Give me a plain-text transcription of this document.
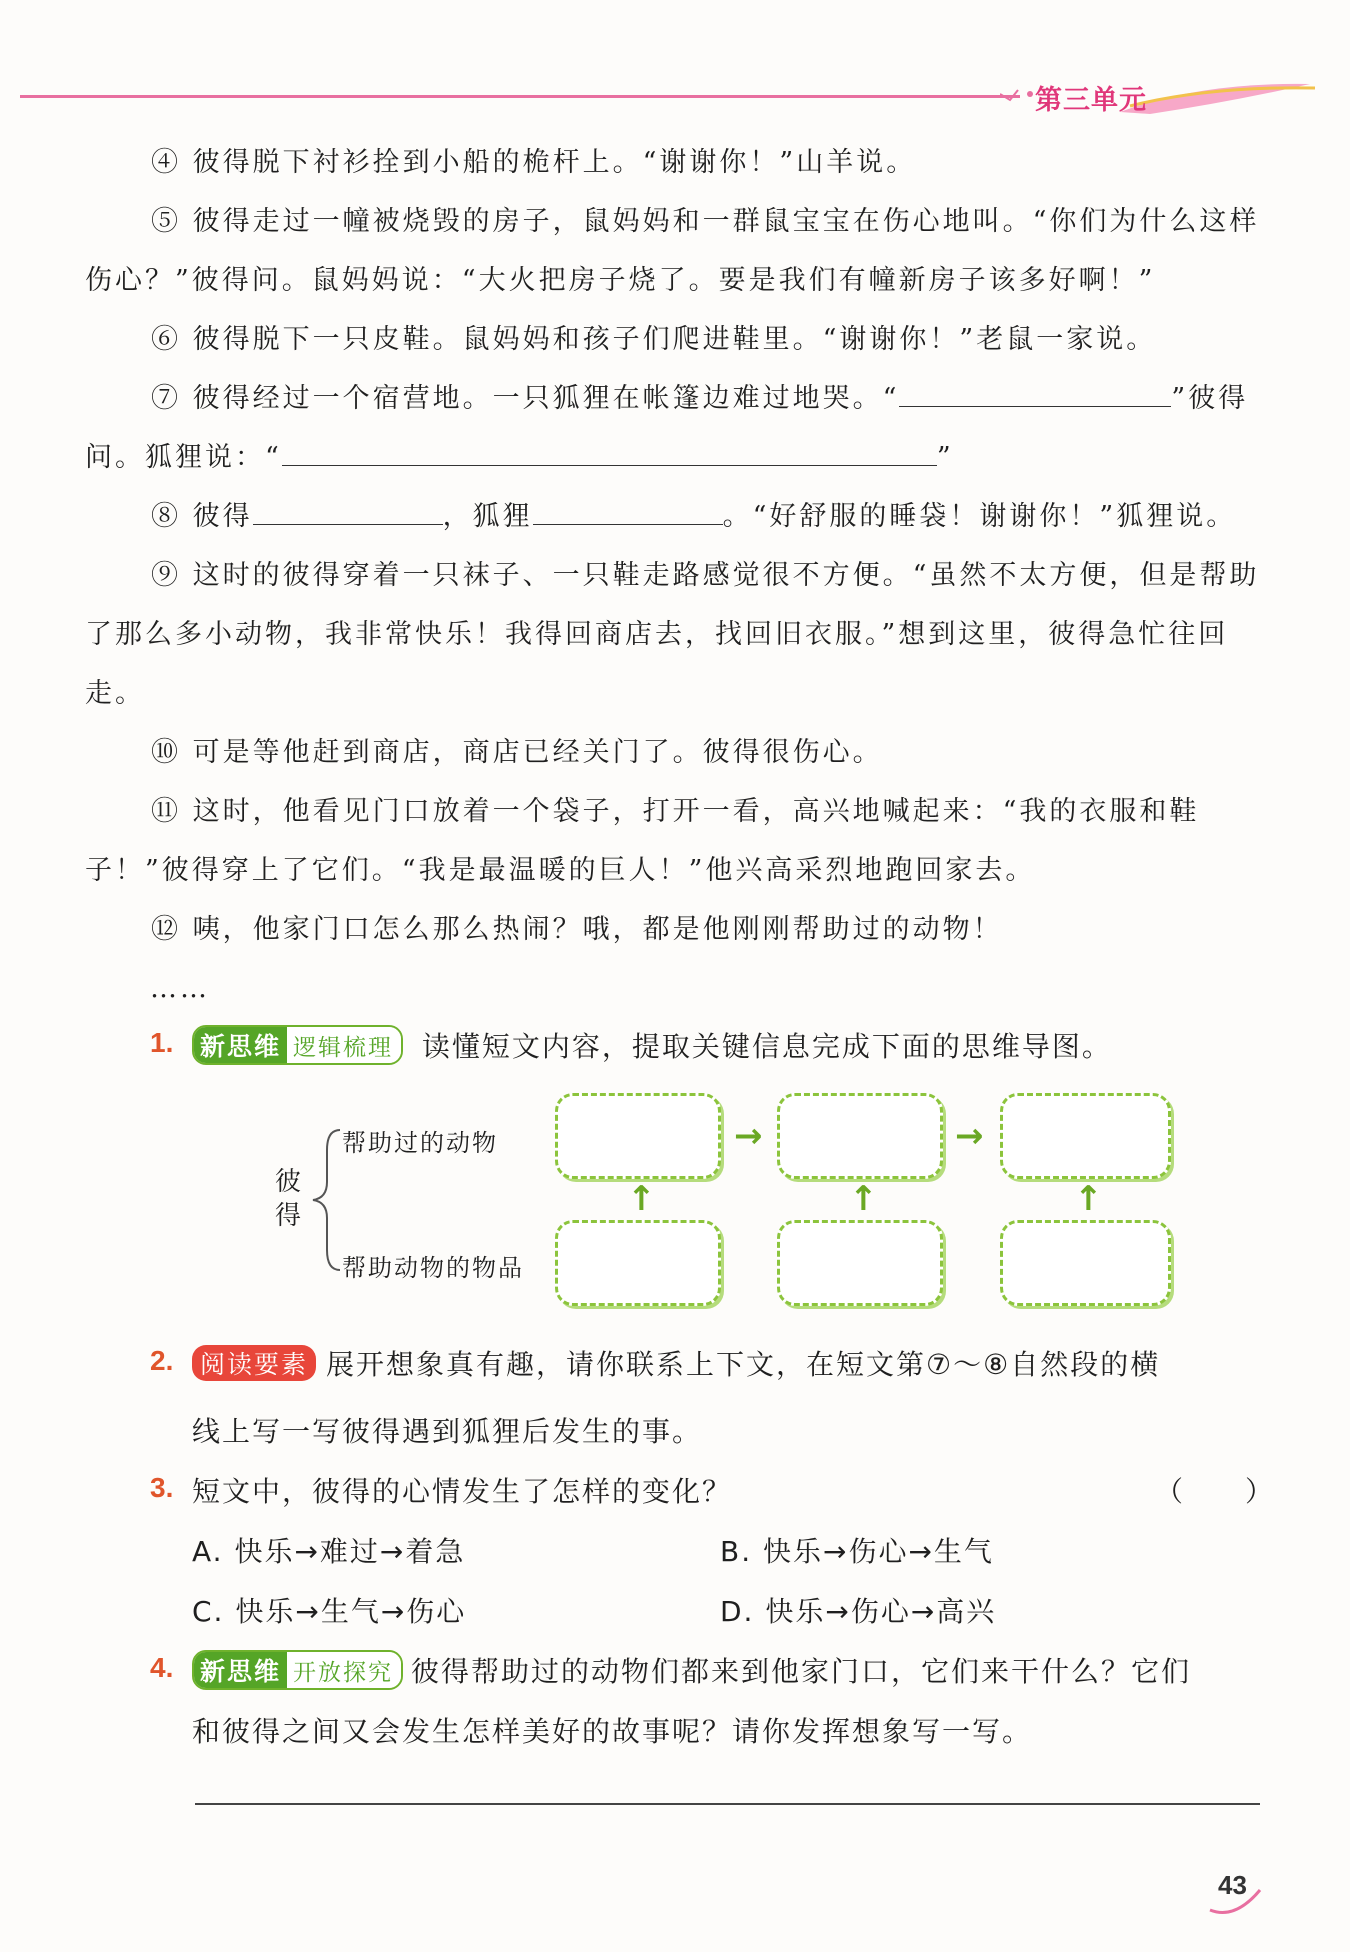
第三单元

④ 彼得脱下衬衫拴到小船的桅杆上。“谢谢你！”山羊说。

⑤ 彼得走过一幢被烧毁的房子，鼠妈妈和一群鼠宝宝在伤心地叫。“你们为什么这样伤心？”彼得问。鼠妈妈说：“大火把房子烧了。要是我们有幢新房子该多好啊！”

⑥ 彼得脱下一只皮鞋。鼠妈妈和孩子们爬进鞋里。“谢谢你！”老鼠一家说。

⑦ 彼得经过一个宿营地。一只狐狸在帐篷边难过地哭。“	”彼得问。狐狸说：“	”

⑧ 彼得	，狐狸	。“好舒服的睡袋！谢谢你！”狐狸说。

⑨ 这时的彼得穿着一只袜子、一只鞋走路感觉很不方便。“虽然不太方便，但是帮助了那么多小动物，我非常快乐！我得回商店去，找回旧衣服。”想到这里，彼得急忙往回走。

⑩ 可是等他赶到商店，商店已经关门了。彼得很伤心。

⑪ 这时，他看见门口放着一个袋子，打开一看，高兴地喊起来：“我的衣服和鞋子！”彼得穿上了它们。“我是最温暖的巨人！”他兴高采烈地跑回家去。

⑫ 咦，他家门口怎么那么热闹？哦，都是他刚刚帮助过的动物！

……

1. 新思维 逻辑梳理 读懂短文内容，提取关键信息完成下面的思维导图。
彼得
帮助过的动物
帮助动物的物品
→	→
↑	↑	↑
2.	阅读要素 展开想象真有趣，请你联系上下文，在短文第⑦～⑧自然段的横
线上写一写彼得遇到狐狸后发生的事。
3. 短文中，彼得的心情发生了怎样的变化？	（　　）
A. 快乐→难过→着急	B. 快乐→伤心→生气
C. 快乐→生气→伤心	D. 快乐→伤心→高兴
4. 新思维 开放探究 彼得帮助过的动物们都来到他家门口，它们来干什么？它们
和彼得之间又会发生怎样美好的故事呢？请你发挥想象写一写。
43
